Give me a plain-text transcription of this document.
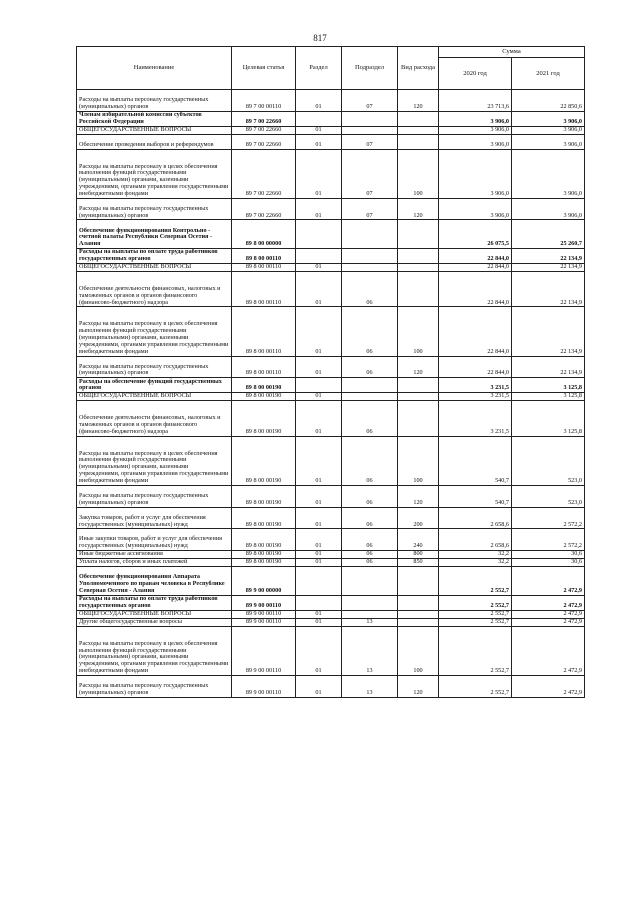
817
Наименование	Целевая статья	Раздел	Подраздел	Вид расхода	Сумма	
					2020 год	2021 год
Расходы на выплаты персоналу государственных (муниципальных) органов	89 7 00 00110	01	07	120	23 713,6	22 850,6
Членам избирательной комиссии субъектов Российской Федерации	89 7 00 22660				3 906,0	3 906,0
ОБЩЕГОСУДАРСТВЕННЫЕ ВОПРОСЫ	89 7 00 22660	01			3 906,0	3 906,0
Обеспечение проведения выборов и референдумов	89 7 00 22660	01	07		3 906,0	3 906,0
Расходы на выплаты персоналу в целях обеспечения выполнения функций государственными (муниципальными) органами, казенными учреждениями, органами управления государственными внебюджетными фондами	89 7 00 22660	01	07	100	3 906,0	3 906,0
Расходы на выплаты персоналу государственных (муниципальных) органов	89 7 00 22660	01	07	120	3 906,0	3 906,0
Обеспечение функционирования Контрольно - счетной палаты Республики Северная Осетия - Алания	89 8 00 00000				26 075,5	25 260,7
Расходы на выплаты по оплате труда работников государственных органов	89 8 00 00110				22 844,0	22 134,9
ОБЩЕГОСУДАРСТВЕННЫЕ ВОПРОСЫ	89 8 00 00110	01			22 844,0	22 134,9
Обеспечение деятельности финансовых, налоговых и таможенных органов и органов финансового (финансово-бюджетного) надзора	89 8 00 00110	01	06		22 844,0	22 134,9
Расходы на выплаты персоналу в целях обеспечения выполнения функций государственными (муниципальными) органами, казенными учреждениями, органами управления государственными внебюджетными фондами	89 8 00 00110	01	06	100	22 844,0	22 134,9
Расходы на выплаты персоналу государственных (муниципальных) органов	89 8 00 00110	01	06	120	22 844,0	22 134,9
Расходы на обеспечение функций государственных органов	89 8 00 00190				3 231,5	3 125,8
ОБЩЕГОСУДАРСТВЕННЫЕ ВОПРОСЫ	89 8 00 00190	01			3 231,5	3 125,8
Обеспечение деятельности финансовых, налоговых и таможенных органов и органов финансового (финансово-бюджетного) надзора	89 8 00 00190	01	06		3 231,5	3 125,8
Расходы на выплаты персоналу в целях обеспечения выполнения функций государственными (муниципальными) органами, казенными учреждениями, органами управления государственными внебюджетными фондами	89 8 00 00190	01	06	100	540,7	523,0
Расходы на выплаты персоналу государственных (муниципальных) органов	89 8 00 00190	01	06	120	540,7	523,0
Закупка товаров, работ и услуг для обеспечения государственных (муниципальных) нужд	89 8 00 00190	01	06	200	2 658,6	2 572,2
Иные закупки товаров, работ и услуг для обеспечения государственных (муниципальных) нужд	89 8 00 00190	01	06	240	2 658,6	2 572,2
Иные бюджетные ассигнования	89 8 00 00190	01	06	800	32,2	30,6
Уплата налогов, сборов и иных платежей	89 8 00 00190	01	06	850	32,2	30,6
Обеспечение функционирования Аппарата Уполномоченного по правам человека в Республике Северная Осетия - Алания	89 9 00 00000				2 552,7	2 472,9
Расходы на выплаты по оплате труда работников государственных органов	89 9 00 00110				2 552,7	2 472,9
ОБЩЕГОСУДАРСТВЕННЫЕ ВОПРОСЫ	89 9 00 00110	01			2 552,7	2 472,9
Другие общегосударственные вопросы	89 9 00 00110	01	13		2 552,7	2 472,9
Расходы на выплаты персоналу в целях обеспечения выполнения функций государственными (муниципальными) органами, казенными учреждениями, органами управления государственными внебюджетными фондами	89 9 00 00110	01	13	100	2 552,7	2 472,9
Расходы на выплаты персоналу государственных (муниципальных) органов	89 9 00 00110	01	13	120	2 552,7	2 472,9
